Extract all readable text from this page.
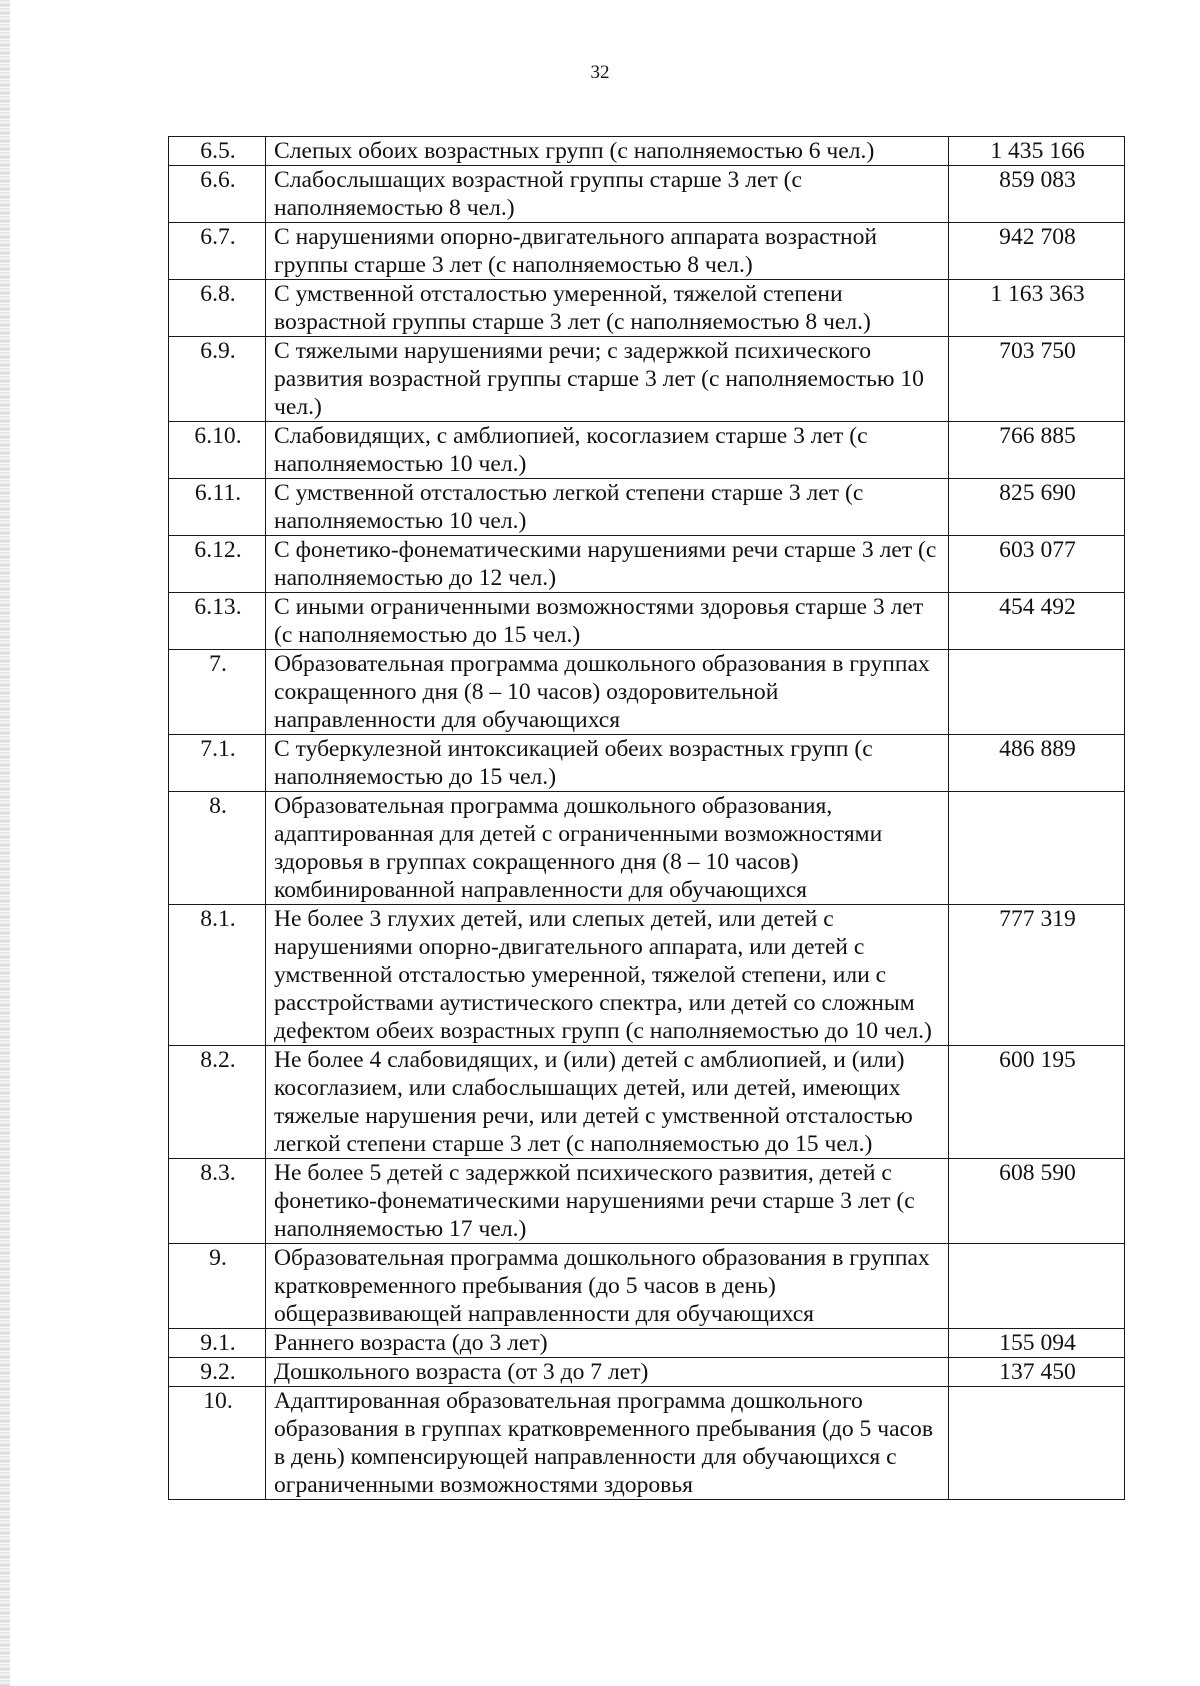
32
6.5.	Слепых обоих возрастных групп (с наполняемостью 6 чел.)	1 435 166
6.6.	Слабослышащих возрастной группы старше 3 лет (с наполняемостью 8 чел.)	859 083
6.7.	С нарушениями опорно-двигательного аппарата возрастной группы старше 3 лет (с наполняемостью 8 чел.)	942 708
6.8.	С умственной отсталостью умеренной, тяжелой степени возрастной группы старше 3 лет (с наполняемостью 8 чел.)	1 163 363
6.9.	С тяжелыми нарушениями речи; с задержкой психического развития возрастной группы старше 3 лет (с наполняемостью 10 чел.)	703 750
6.10.	Слабовидящих, с амблиопией, косоглазием старше 3 лет (с наполняемостью 10 чел.)	766 885
6.11.	С умственной отсталостью легкой степени старше 3 лет (с наполняемостью 10 чел.)	825 690
6.12.	С фонетико-фонематическими нарушениями речи старше 3 лет (с наполняемостью до 12 чел.)	603 077
6.13.	С иными ограниченными возможностями здоровья старше 3 лет (с наполняемостью до 15 чел.)	454 492
7.	Образовательная программа дошкольного образования в группах сокращенного дня (8 – 10 часов) оздоровительной направленности для обучающихся	
7.1.	С туберкулезной интоксикацией обеих возрастных групп (с наполняемостью до 15 чел.)	486 889
8.	Образовательная программа дошкольного образования, адаптированная для детей с ограниченными возможностями здоровья в группах сокращенного дня (8 – 10 часов) комбинированной направленности для обучающихся	
8.1.	Не более 3 глухих детей, или слепых детей, или детей с нарушениями опорно-двигательного аппарата, или детей с умственной отсталостью умеренной, тяжелой степени, или с расстройствами аутистического спектра, или детей со сложным дефектом обеих возрастных групп (с наполняемостью до 10 чел.)	777 319
8.2.	Не более 4 слабовидящих, и (или) детей с амблиопией, и (или) косоглазием, или слабослышащих детей, или детей, имеющих тяжелые нарушения речи, или детей с умственной отсталостью легкой степени старше 3 лет (с наполняемостью до 15 чел.)	600 195
8.3.	Не более 5 детей с задержкой психического развития, детей с фонетико-фонематическими нарушениями речи старше 3 лет (с наполняемостью 17 чел.)	608 590
9.	Образовательная программа дошкольного образования в группах кратковременного пребывания (до 5 часов в день) общеразвивающей направленности для обучающихся	
9.1.	Раннего возраста (до 3 лет)	155 094
9.2.	Дошкольного возраста (от 3 до 7 лет)	137 450
10.	Адаптированная образовательная программа дошкольного образования в группах кратковременного пребывания (до 5 часов в день) компенсирующей направленности для обучающихся с ограниченными возможностями здоровья	
